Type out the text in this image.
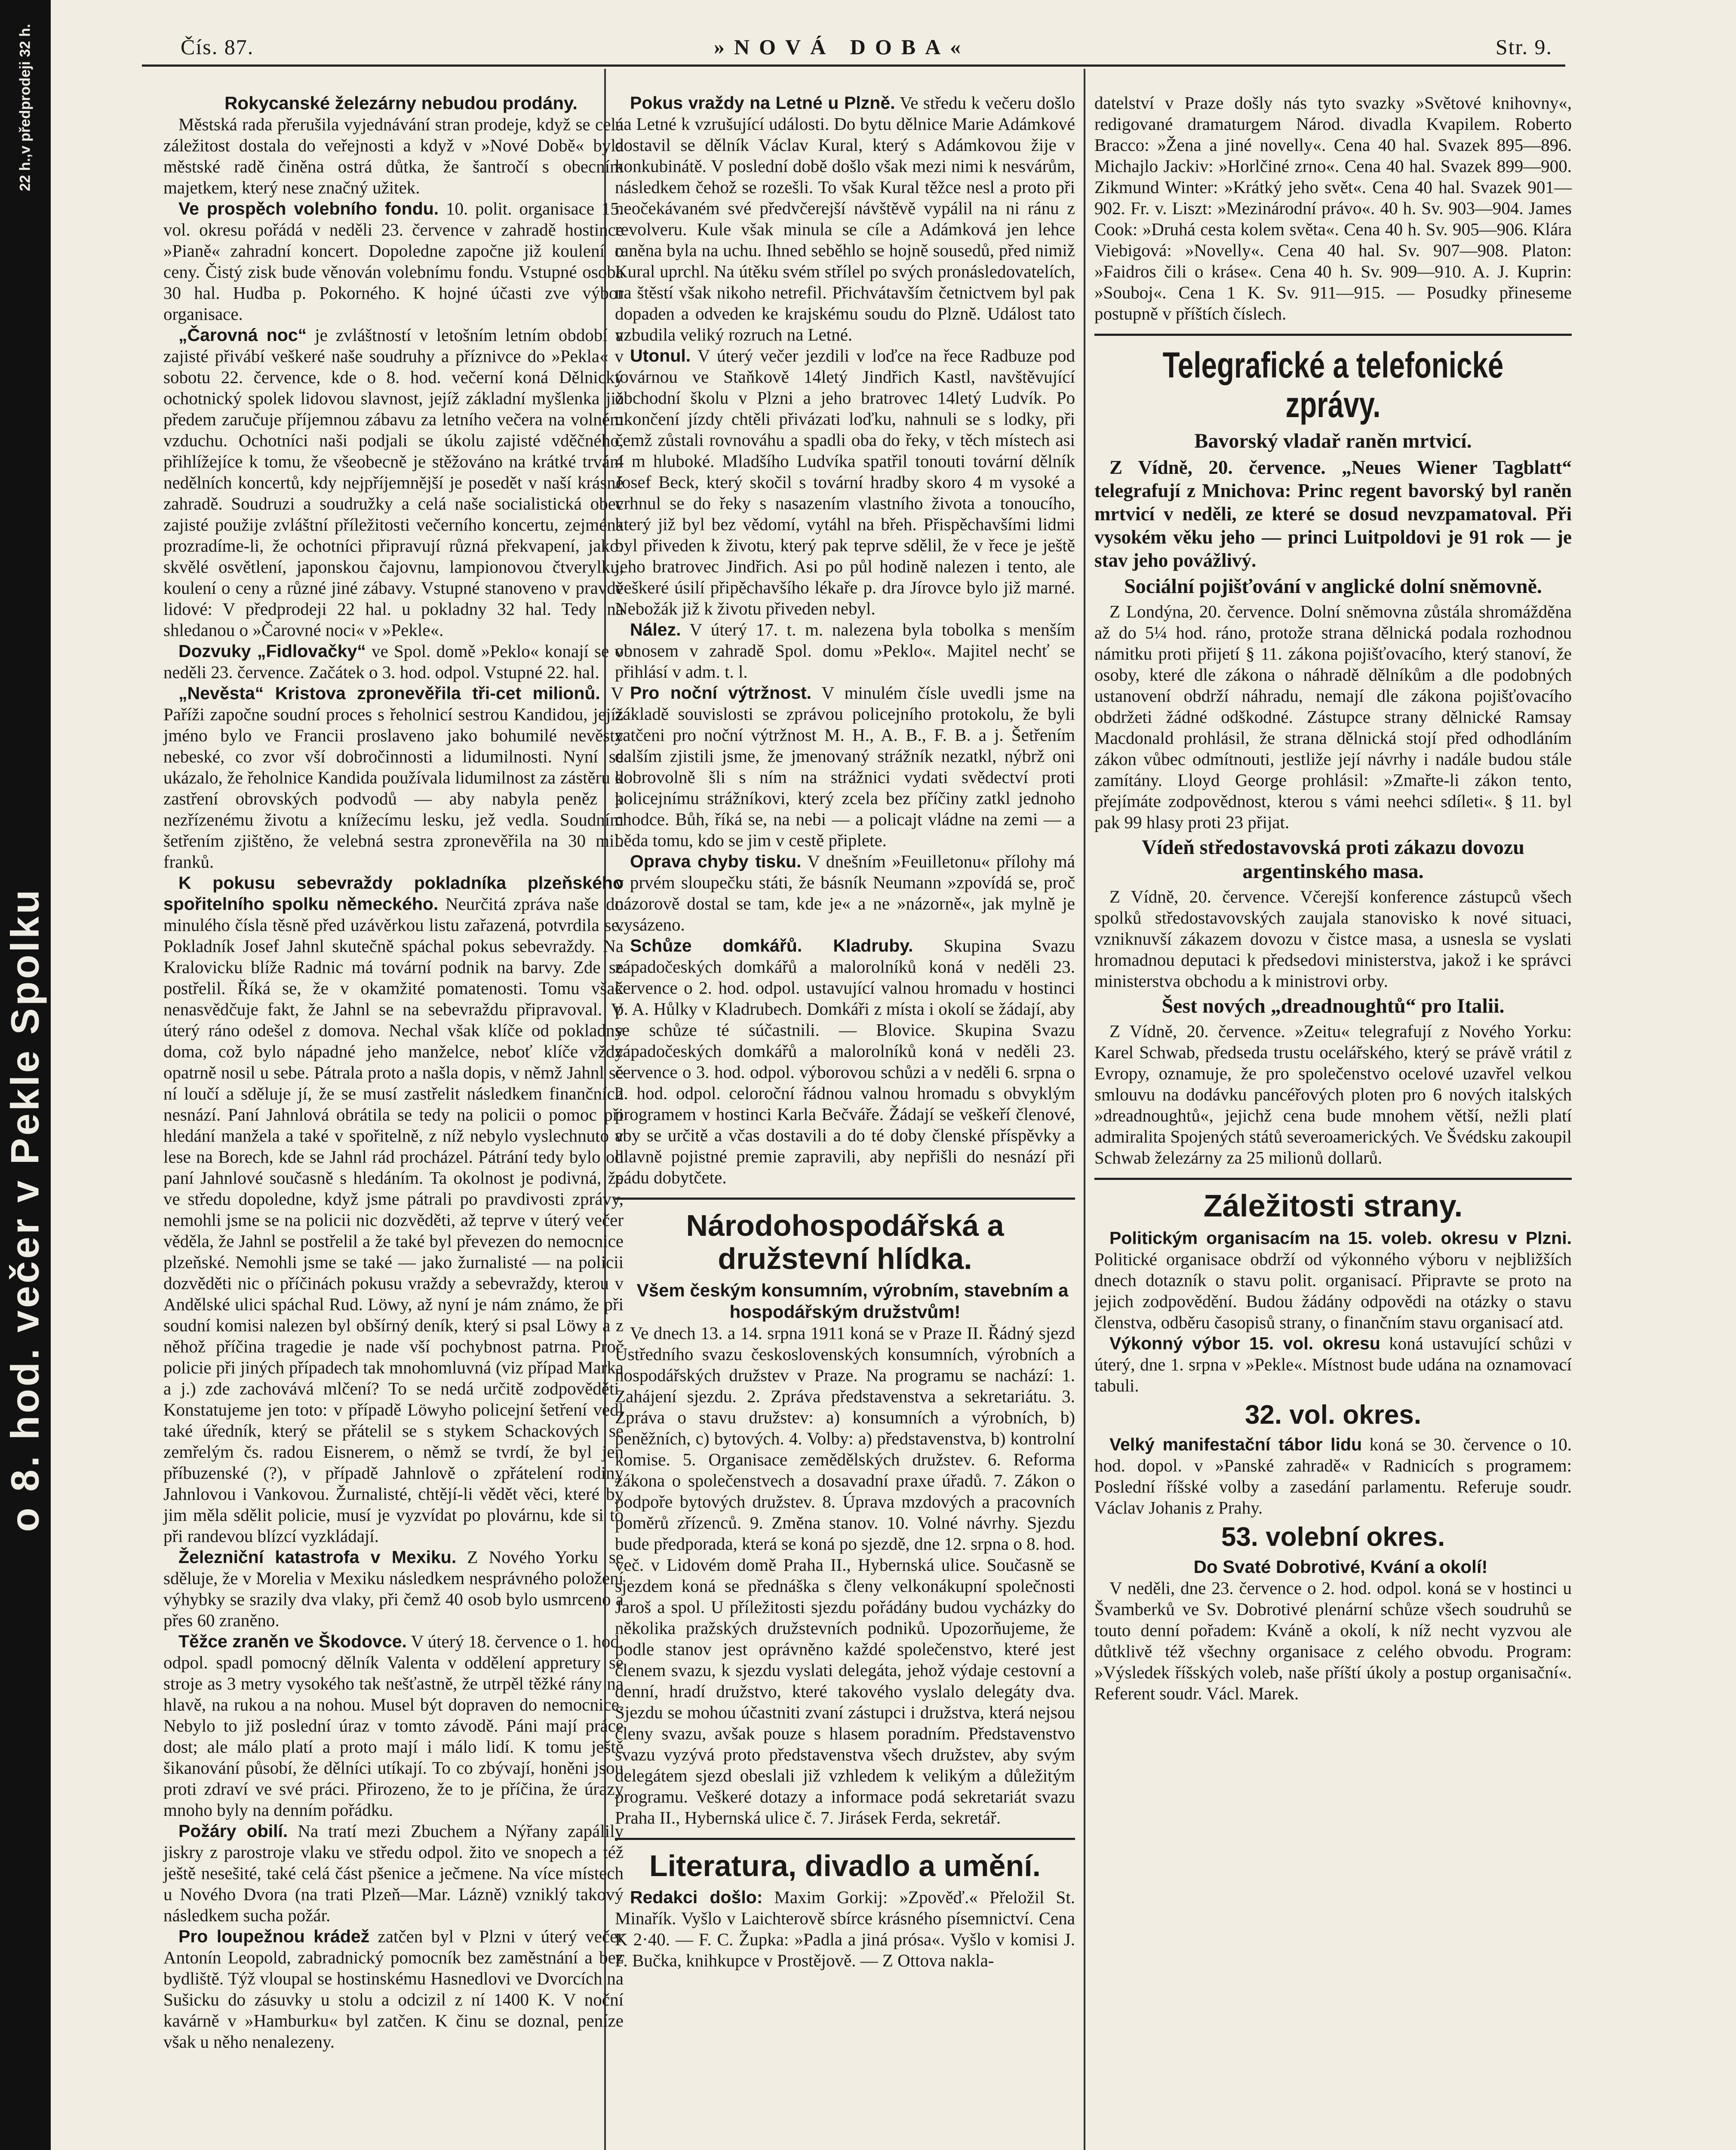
o 8. hod. večer v Pekle Spolku
22 h.,v předprodeji 32 h.	Čís. 87.	»NOVÁ DOBA«	Str. 9.

Rokycanské železárny nebudou prodány.

Městská rada přerušila vyjednávání stran prodeje, když se celá záležitost dostala do veřejnosti a když v »Nové Době« byla městské radě činěna ostrá důtka, že šantročí s obecním majetkem, který nese značný užitek.

Ve prospěch volebního fondu. 10. polit. organisace 15. vol. okresu pořádá v neděli 23. července v zahradě hostince »Pianě« zahradní koncert. Dopoledne započne již koulení o ceny. Čistý zisk bude věnován volebnímu fondu. Vstupné osoba 30 hal. Hudba p. Pokorného. K hojné účasti zve výbor organisace.

„Čarovná noc“ je zvláštností v letošním letním období a zajisté přivábí veškeré naše soudruhy a příznivce do »Pekla« v sobotu 22. července, kde o 8. hod. večerní koná Dělnický ochotnický spolek lidovou slavnost, jejíž základní myšlenka již předem zaručuje příjemnou zábavu za letního večera na volném vzduchu. Ochotníci naši podjali se úkolu zajisté vděčného, přihlížejíce k tomu, že všeobecně je stěžováno na krátké trvání nedělních koncertů, kdy nejpříjemnější je posedět v naší krásné zahradě. Soudruzi a soudružky a celá naše socialistická obec zajisté použije zvláštní příležitosti večerního koncertu, zejména prozradíme-li, že ochotníci připravují různá překvapení, jako: skvělé osvětlení, japonskou čajovnu, lampionovou čtverylku, koulení o ceny a různé jiné zábavy. Vstupné stanoveno v pravdě lidové: V předprodeji 22 hal. u pokladny 32 hal. Tedy na shledanou o »Čarovné noci« v »Pekle«.

Dozvuky „Fidlovačky“ ve Spol. domě »Peklo« konají se v neděli 23. července. Začátek o 3. hod. odpol. Vstupné 22. hal.

„Nevěsta“ Kristova zpronevěřila tři-cet milionů. V Paříži započne soudní proces s řeholnicí sestrou Kandidou, jejíž jméno bylo ve Francii proslaveno jako bohumilé nevěsty nebeské, co zvor vší dobročinnosti a lidumilnosti. Nyní se ukázalo, že řeholnice Kandida používala lidumilnost za zástěru k zastření obrovských podvodů — aby nabyla peněz k nezřízenému životu a knížecímu lesku, jež vedla. Soudním šetřením zjištěno, že velebná sestra zpronevěřila na 30 mil. franků.

K pokusu sebevraždy pokladníka plzeňského spořitelního spolku německého. Neurčitá zpráva naše do minulého čísla těsně před uzávěrkou listu zařazená, potvrdila se. Pokladník Josef Jahnl skutečně spáchal pokus sebevraždy. Na Kralovicku blíže Radnic má tovární podnik na barvy. Zde se postřelil. Říká se, že v okamžité pomatenosti. Tomu však nenasvědčuje fakt, že Jahnl se na sebevraždu připravoval. V úterý ráno odešel z domova. Nechal však klíče od pokladny doma, což bylo nápadné jeho manželce, neboť klíče vždy opatrně nosil u sebe. Pátrala proto a našla dopis, v němž Jahnl se ní loučí a sděluje jí, že se musí zastřelit následkem finančních nesnází. Paní Jahnlová obrátila se tedy na policii o pomoc při hledání manžela a také v spořitelně, z níž nebylo vyslechnuto v lese na Borech, kde se Jahnl rád procházel. Pátrání tedy bylo od paní Jahnlové současně s hledáním. Ta okolnost je podivná, že ve středu dopoledne, když jsme pátrali po pravdivosti zprávy, nemohli jsme se na policii nic dozvěděti, až teprve v úterý večer věděla, že Jahnl se postřelil a že také byl převezen do nemocnice plzeňské. Nemohli jsme se také — jako žurnalisté — na policii dozvěděti nic o příčinách pokusu vraždy a sebevraždy, kterou v Andělské ulici spáchal Rud. Löwy, až nyní je nám známo, že při soudní komisi nalezen byl obšírný deník, který si psal Löwy a z něhož příčina tragedie je nade vší pochybnost patrna. Proč policie při jiných případech tak mnohomluvná (viz případ Marka a j.) zde zachovává mlčení? To se nedá určitě zodpověděti. Konstatujeme jen toto: v případě Löwyho policejní šetření vedl také úředník, který se přátelil se s stykem Schackových se zemřelým čs. radou Eisnerem, o němž se tvrdí, že byl jen příbuzenské (?), v případě Jahnlově o zpřátelení rodiny Jahnlovou i Vankovou. Žurnalisté, chtějí-li vědět věci, které by jim měla sdělit policie, musí je vyzvídat po plovárnu, kde si to při randevou blízcí vyzkládají.

Železniční katastrofa v Mexiku. Z Nového Yorku se sděluje, že v Morelia v Mexiku následkem nesprávného položení výhybky se srazily dva vlaky, při čemž 40 osob bylo usmrceno a přes 60 zraněno.

Těžce zraněn ve Škodovce. V úterý 18. července o 1. hod. odpol. spadl pomocný dělník Valenta v oddělení appretury se stroje as 3 metry vysokého tak nešťastně, že utrpěl těžké rány na hlavě, na rukou a na nohou. Musel být dopraven do nemocnice. Nebylo to již poslední úraz v tomto závodě. Páni mají práce dost; ale málo platí a proto mají i málo lidí. K tomu ještě šikanování působí, že dělníci utíkají. To co zbývají, honěni jsou proti zdraví ve své práci. Přirozeno, že to je příčina, že úrazy mnoho byly na denním pořádku.

Požáry obilí. Na tratí mezi Zbuchem a Nýřany zapálily jiskry z parostroje vlaku ve středu odpol. žito ve snopech a též ještě nesešité, také celá část pšenice a ječmene. Na více místech u Nového Dvora (na trati Plzeň—Mar. Lázně) vzniklý takový následkem sucha požár.

Pro loupežnou krádež zatčen byl v Plzni v úterý večer Antonín Leopold, zabradnický pomocník bez zaměstnání a bez bydliště. Týž vloupal se hostinskému Hasnedlovi ve Dvorcích na Sušicku do zásuvky u stolu a odcizil z ní 1400 K. V noční kavárně v »Hamburku« byl zatčen. K činu se doznal, peníze však u něho nenalezeny.

Pokus vraždy na Letné u Plzně. Ve středu k večeru došlo na Letné k vzrušující události. Do bytu dělnice Marie Adámkové dostavil se dělník Václav Kural, který s Adámkovou žije v konkubinátě. V poslední době došlo však mezi nimi k nesvárům, následkem čehož se rozešli. To však Kural těžce nesl a proto při neočekávaném své předvčerejší návštěvě vypálil na ni ránu z revolveru. Kule však minula se cíle a Adámková jen lehce raněna byla na uchu. Ihned seběhlo se hojně sousedů, před nimiž Kural uprchl. Na útěku svém střílel po svých pronásledovatelích, na štěstí však nikoho netrefil. Přichvátavším četnictvem byl pak dopaden a odveden ke krajskému soudu do Plzně. Událost tato vzbudila veliký rozruch na Letné.

Utonul. V úterý večer jezdili v loďce na řece Radbuze pod továrnou ve Staňkově 14letý Jindřich Kastl, navštěvující obchodní školu v Plzni a jeho bratrovec 14letý Ludvík. Po ukončení jízdy chtěli přivázati loďku, nahnuli se s lodky, při čemž zůstali rovnováhu a spadli oba do řeky, v těch místech asi 4 m hluboké. Mladšího Ludvíka spatřil tonouti tovární dělník Josef Beck, který skočil s tovární hradby skoro 4 m vysoké a vrhnul se do řeky s nasazením vlastního života a tonoucího, který již byl bez vědomí, vytáhl na břeh. Přispěchavšími lidmi byl přiveden k životu, který pak teprve sdělil, že v řece je ještě jeho bratrovec Jindřich. Asi po půl hodině nalezen i tento, ale veškeré úsilí připěchavšího lékaře p. dra Jírovce bylo již marné. Nebožák již k životu přiveden nebyl.

Nález. V úterý 17. t. m. nalezena byla tobolka s menším obnosem v zahradě Spol. domu »Peklo«. Majitel nechť se přihlásí v adm. t. l.

Pro noční výtržnost. V minulém čísle uvedli jsme na základě souvislosti se zprávou policejního protokolu, že byli zatčeni pro noční výtržnost M. H., A. B., F. B. a j. Šetřením dalším zjistili jsme, že jmenovaný strážník nezatkl, nýbrž oni dobrovolně šli s ním na strážnici vydati svědectví proti policejnímu strážníkovi, který zcela bez příčiny zatkl jednoho chodce. Bůh, říká se, na nebi — a policajt vládne na zemi — a běda tomu, kdo se jim v cestě připlete.

Oprava chyby tisku. V dnešním »Feuilletonu« přílohy má v prvém sloupečku státi, že básník Neumann »zpovídá se, proč názorově dostal se tam, kde je« a ne »názorně«, jak mylně je vysázeno.

Schůze domkářů. Kladruby. Skupina Svazu západočeských domkářů a malorolníků koná v neděli 23. července o 2. hod. odpol. ustavující valnou hromadu v hostinci p. A. Hůlky v Kladrubech. Domkáři z místa i okolí se žádají, aby se schůze té súčastnili. — Blovice. Skupina Svazu západočeských domkářů a malorolníků koná v neděli 23. července o 3. hod. odpol. výborovou schůzi a v neděli 6. srpna o 2. hod. odpol. celoroční řádnou valnou hromadu s obvyklým programem v hostinci Karla Bečváře. Žádají se veškeří členové, aby se určitě a včas dostavili a do té doby členské příspěvky a hlavně pojistné premie zapravili, aby nepřišli do nesnází při pádu dobytčete.

Národohospodářská a družstevní hlídka.

Všem českým konsumním, výrobním, stavebním a hospodářským družstvům!

Ve dnech 13. a 14. srpna 1911 koná se v Praze II. Řádný sjezd Ústředního svazu československých konsumních, výrobních a hospodářských družstev v Praze. Na programu se nachází: 1. Zahájení sjezdu. 2. Zpráva představenstva a sekretariátu. 3. Zpráva o stavu družstev: a) konsumních a výrobních, b) peněžních, c) bytových. 4. Volby: a) představenstva, b) kontrolní komise. 5. Organisace zemědělských družstev. 6. Reforma zákona o společenstvech a dosavadní praxe úřadů. 7. Zákon o podpoře bytových družstev. 8. Úprava mzdových a pracovních poměrů zřízenců. 9. Změna stanov. 10. Volné návrhy. Sjezdu bude předporada, která se koná po sjezdě, dne 12. srpna o 8. hod. več. v Lidovém domě Praha II., Hybernská ulice. Současně se sjezdem koná se přednáška s členy velkonákupní společnosti Jaroš a spol. U příležitosti sjezdu pořádány budou vycházky do několika pražských družstevních podniků. Upozorňujeme, že podle stanov jest oprávněno každé společenstvo, které jest členem svazu, k sjezdu vyslati delegáta, jehož výdaje cestovní a denní, hradí družstvo, které takového vyslalo delegáty dva. Sjezdu se mohou účastniti zvaní zástupci i družstva, která nejsou členy svazu, avšak pouze s hlasem poradním. Představenstvo svazu vyzývá proto představenstva všech družstev, aby svým delegátem sjezd obeslali již vzhledem k velikým a důležitým programu. Veškeré dotazy a informace podá sekretariát svazu Praha II., Hybernská ulice č. 7. Jirásek Ferda, sekretář.

Literatura, divadlo a umění.

Redakci došlo: Maxim Gorkij: »Zpověď.« Přeložil St. Minařík. Vyšlo v Laichterově sbírce krásného písemnictví. Cena K 2·40. — F. C. Župka: »Padla a jiná prósa«. Vyšlo v komisi J. F. Bučka, knihkupce v Prostějově. — Z Ottova nakla-

datelství v Praze došly nás tyto svazky »Světové knihovny«, redigované dramaturgem Národ. divadla Kvapilem. Roberto Bracco: »Žena a jiné novelly«. Cena 40 hal. Svazek 895—896. Michajlo Jackiv: »Horlčiné zrno«. Cena 40 hal. Svazek 899—900. Zikmund Winter: »Krátký jeho svět«. Cena 40 hal. Svazek 901—902. Fr. v. Liszt: »Mezinárodní právo«. 40 h. Sv. 903—904. James Cook: »Druhá cesta kolem světa«. Cena 40 h. Sv. 905—906. Klára Viebigová: »Novelly«. Cena 40 hal. Sv. 907—908. Platon: »Faidros čili o kráse«. Cena 40 h. Sv. 909—910. A. J. Kuprin: »Souboj«. Cena 1 K. Sv. 911—915. — Posudky přineseme postupně v příštích číslech.

Telegrafické a telefonické zprávy.
Bavorský vladař raněn mrtvicí.

Z Vídně, 20. července. „Neues Wiener Tagblatt“ telegrafují z Mnichova: Princ regent bavorský byl raněn mrtvicí v neděli, ze které se dosud nevzpamatoval. Při vysokém věku jeho — princi Luitpoldovi je 91 rok — je stav jeho povážlivý.

Sociální pojišťování v anglické dolní sněmovně.

Z Londýna, 20. července. Dolní sněmovna zůstála shromážděna až do 5¼ hod. ráno, protože strana dělnická podala rozhodnou námitku proti přijetí § 11. zákona pojišťovacího, který stanoví, že osoby, které dle zákona o náhradě dělníkům a dle podobných ustanovení obdrží náhradu, nemají dle zákona pojišťovacího obdržeti žádné odškodné. Zástupce strany dělnické Ramsay Macdonald prohlásil, že strana dělnická stojí před odhodláním zákon vůbec odmítnouti, jestliže její návrhy i nadále budou stále zamítány. Lloyd George prohlásil: »Zmařte-li zákon tento, přejímáte zodpovědnost, kterou s vámi neehci sdíleti«. § 11. byl pak 99 hlasy proti 23 přijat.

Vídeň středostavovská proti zákazu dovozu argentinského masa.

Z Vídně, 20. července. Včerejší konference zástupců všech spolků středostavovských zaujala stanovisko k nové situaci, vzniknuvší zákazem dovozu v čistce masa, a usnesla se vyslati hromadnou deputaci k předsedovi ministerstva, jakož i ke správci ministerstva obchodu a k ministrovi orby.

Šest nových „dreadnoughtů“ pro Italii.

Z Vídně, 20. července. »Zeitu« telegrafují z Nového Yorku: Karel Schwab, předseda trustu ocelářského, který se právě vrátil z Evropy, oznamuje, že pro společenstvo ocelové uzavřel velkou smlouvu na dodávku pancéřových ploten pro 6 nových italských »dreadnoughtů«, jejichž cena bude mnohem větší, nežli platí admiralita Spojených států severoamerických. Ve Švédsku zakoupil Schwab železárny za 25 milionů dollarů.

Záležitosti strany.

Politickým organisacím na 15. voleb. okresu v Plzni. Politické organisace obdrží od výkonného výboru v nejbližších dnech dotazník o stavu polit. organisací. Připravte se proto na jejich zodpovědění. Budou žádány odpovědi na otázky o stavu členstva, odběru časopisů strany, o finančním stavu organisací atd.

Výkonný výbor 15. vol. okresu koná ustavující schůzi v úterý, dne 1. srpna v »Pekle«. Místnost bude udána na oznamovací tabuli.

32. vol. okres.

Velký manifestační tábor lidu koná se 30. července o 10. hod. dopol. v »Panské zahradě« v Radnicích s programem: Poslední říšské volby a zasedání parlamentu. Referuje soudr. Václav Johanis z Prahy.

53. volební okres.

Do Svaté Dobrotivé, Kvání a okolí!

V neděli, dne 23. července o 2. hod. odpol. koná se v hostinci u Švamberků ve Sv. Dobrotivé plenární schůze všech soudruhů se touto denní pořadem: Kváně a okolí, k níž necht vyzvou ale důtklivě též všechny organisace z celého obvodu. Program: »Výsledek říšských voleb, naše příští úkoly a postup organisační«. Referent soudr. Václ. Marek.
